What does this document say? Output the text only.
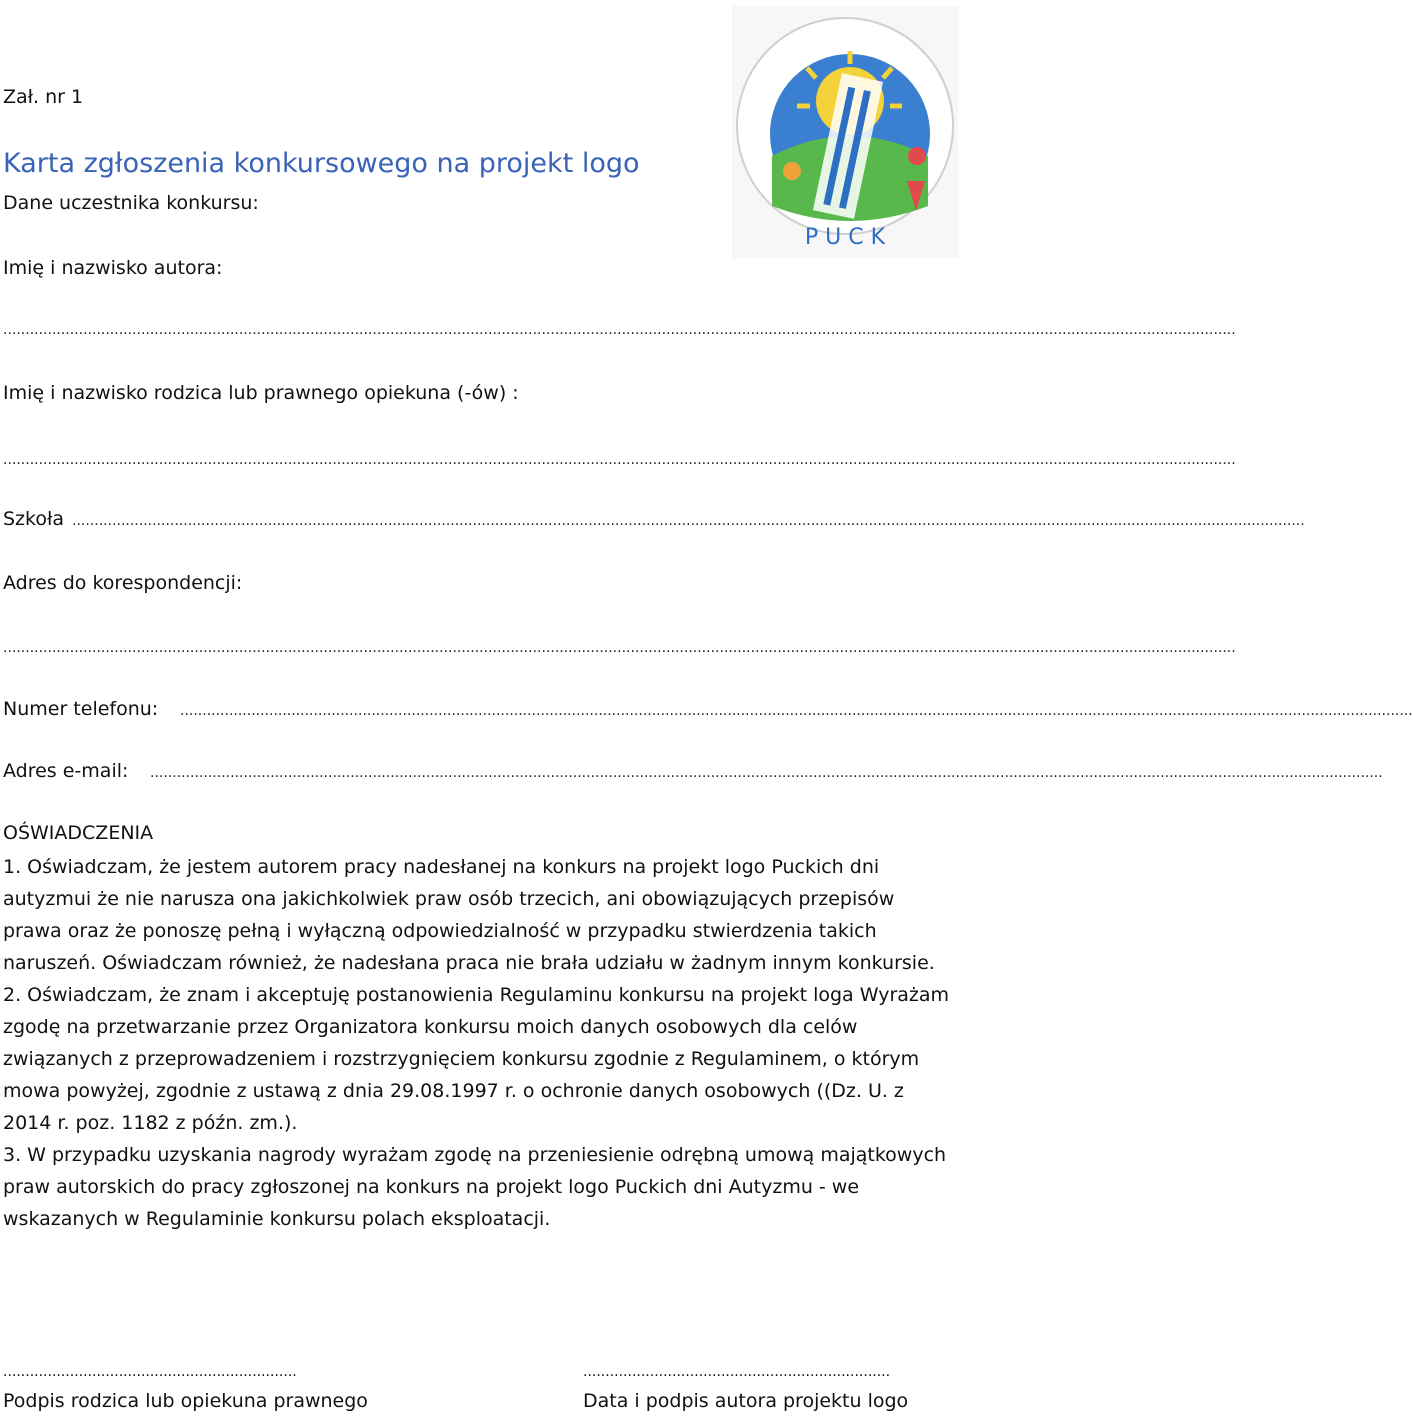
P U C K
Zał. nr 1
Karta zgłoszenia konkursowego na projekt logo
Dane uczestnika konkursu:
Imię i nazwisko autora:
.....................................................................................................................................................................................................................................................................................
Imię i nazwisko rodzica lub prawnego opiekuna (-ów) :
.....................................................................................................................................................................................................................................................................................
Szkoła .....................................................................................................................................................................................................................................................................................
Adres do korespondencji:
.....................................................................................................................................................................................................................................................................................
Numer telefonu: .....................................................................................................................................................................................................................................................................................
Adres e-mail: .....................................................................................................................................................................................................................................................................................
OŚWIADCZENIA

1. Oświadczam, że jestem autorem pracy nadesłanej na konkurs na projekt logo Puckich dni autyzmui że nie narusza ona jakichkolwiek praw osób trzecich, ani obowiązujących przepisów prawa oraz że ponoszę pełną i wyłączną odpowiedzialność w przypadku stwierdzenia takich naruszeń. Oświadczam również, że nadesłana praca nie brała udziału w żadnym innym konkursie.

2. Oświadczam, że znam i akceptuję postanowienia Regulaminu konkursu na projekt loga Wyrażam zgodę na przetwarzanie przez Organizatora konkursu moich danych osobowych dla celów związanych z przeprowadzeniem i rozstrzygnięciem konkursu zgodnie z Regulaminem, o którym mowa powyżej, zgodnie z ustawą z dnia 29.08.1997 r. o ochronie danych osobowych ((Dz. U. z 2014 r. poz. 1182 z późn. zm.).

3. W przypadku uzyskania nagrody wyrażam zgodę na przeniesienie odrębną umową majątkowych praw autorskich do pracy zgłoszonej na konkurs na projekt logo Puckich dni Autyzmu - we wskazanych w Regulaminie konkursu polach eksploatacji.

..................................................................	.....................................................................
Podpis rodzica lub opiekuna prawnego	Data i podpis autora projektu logo
